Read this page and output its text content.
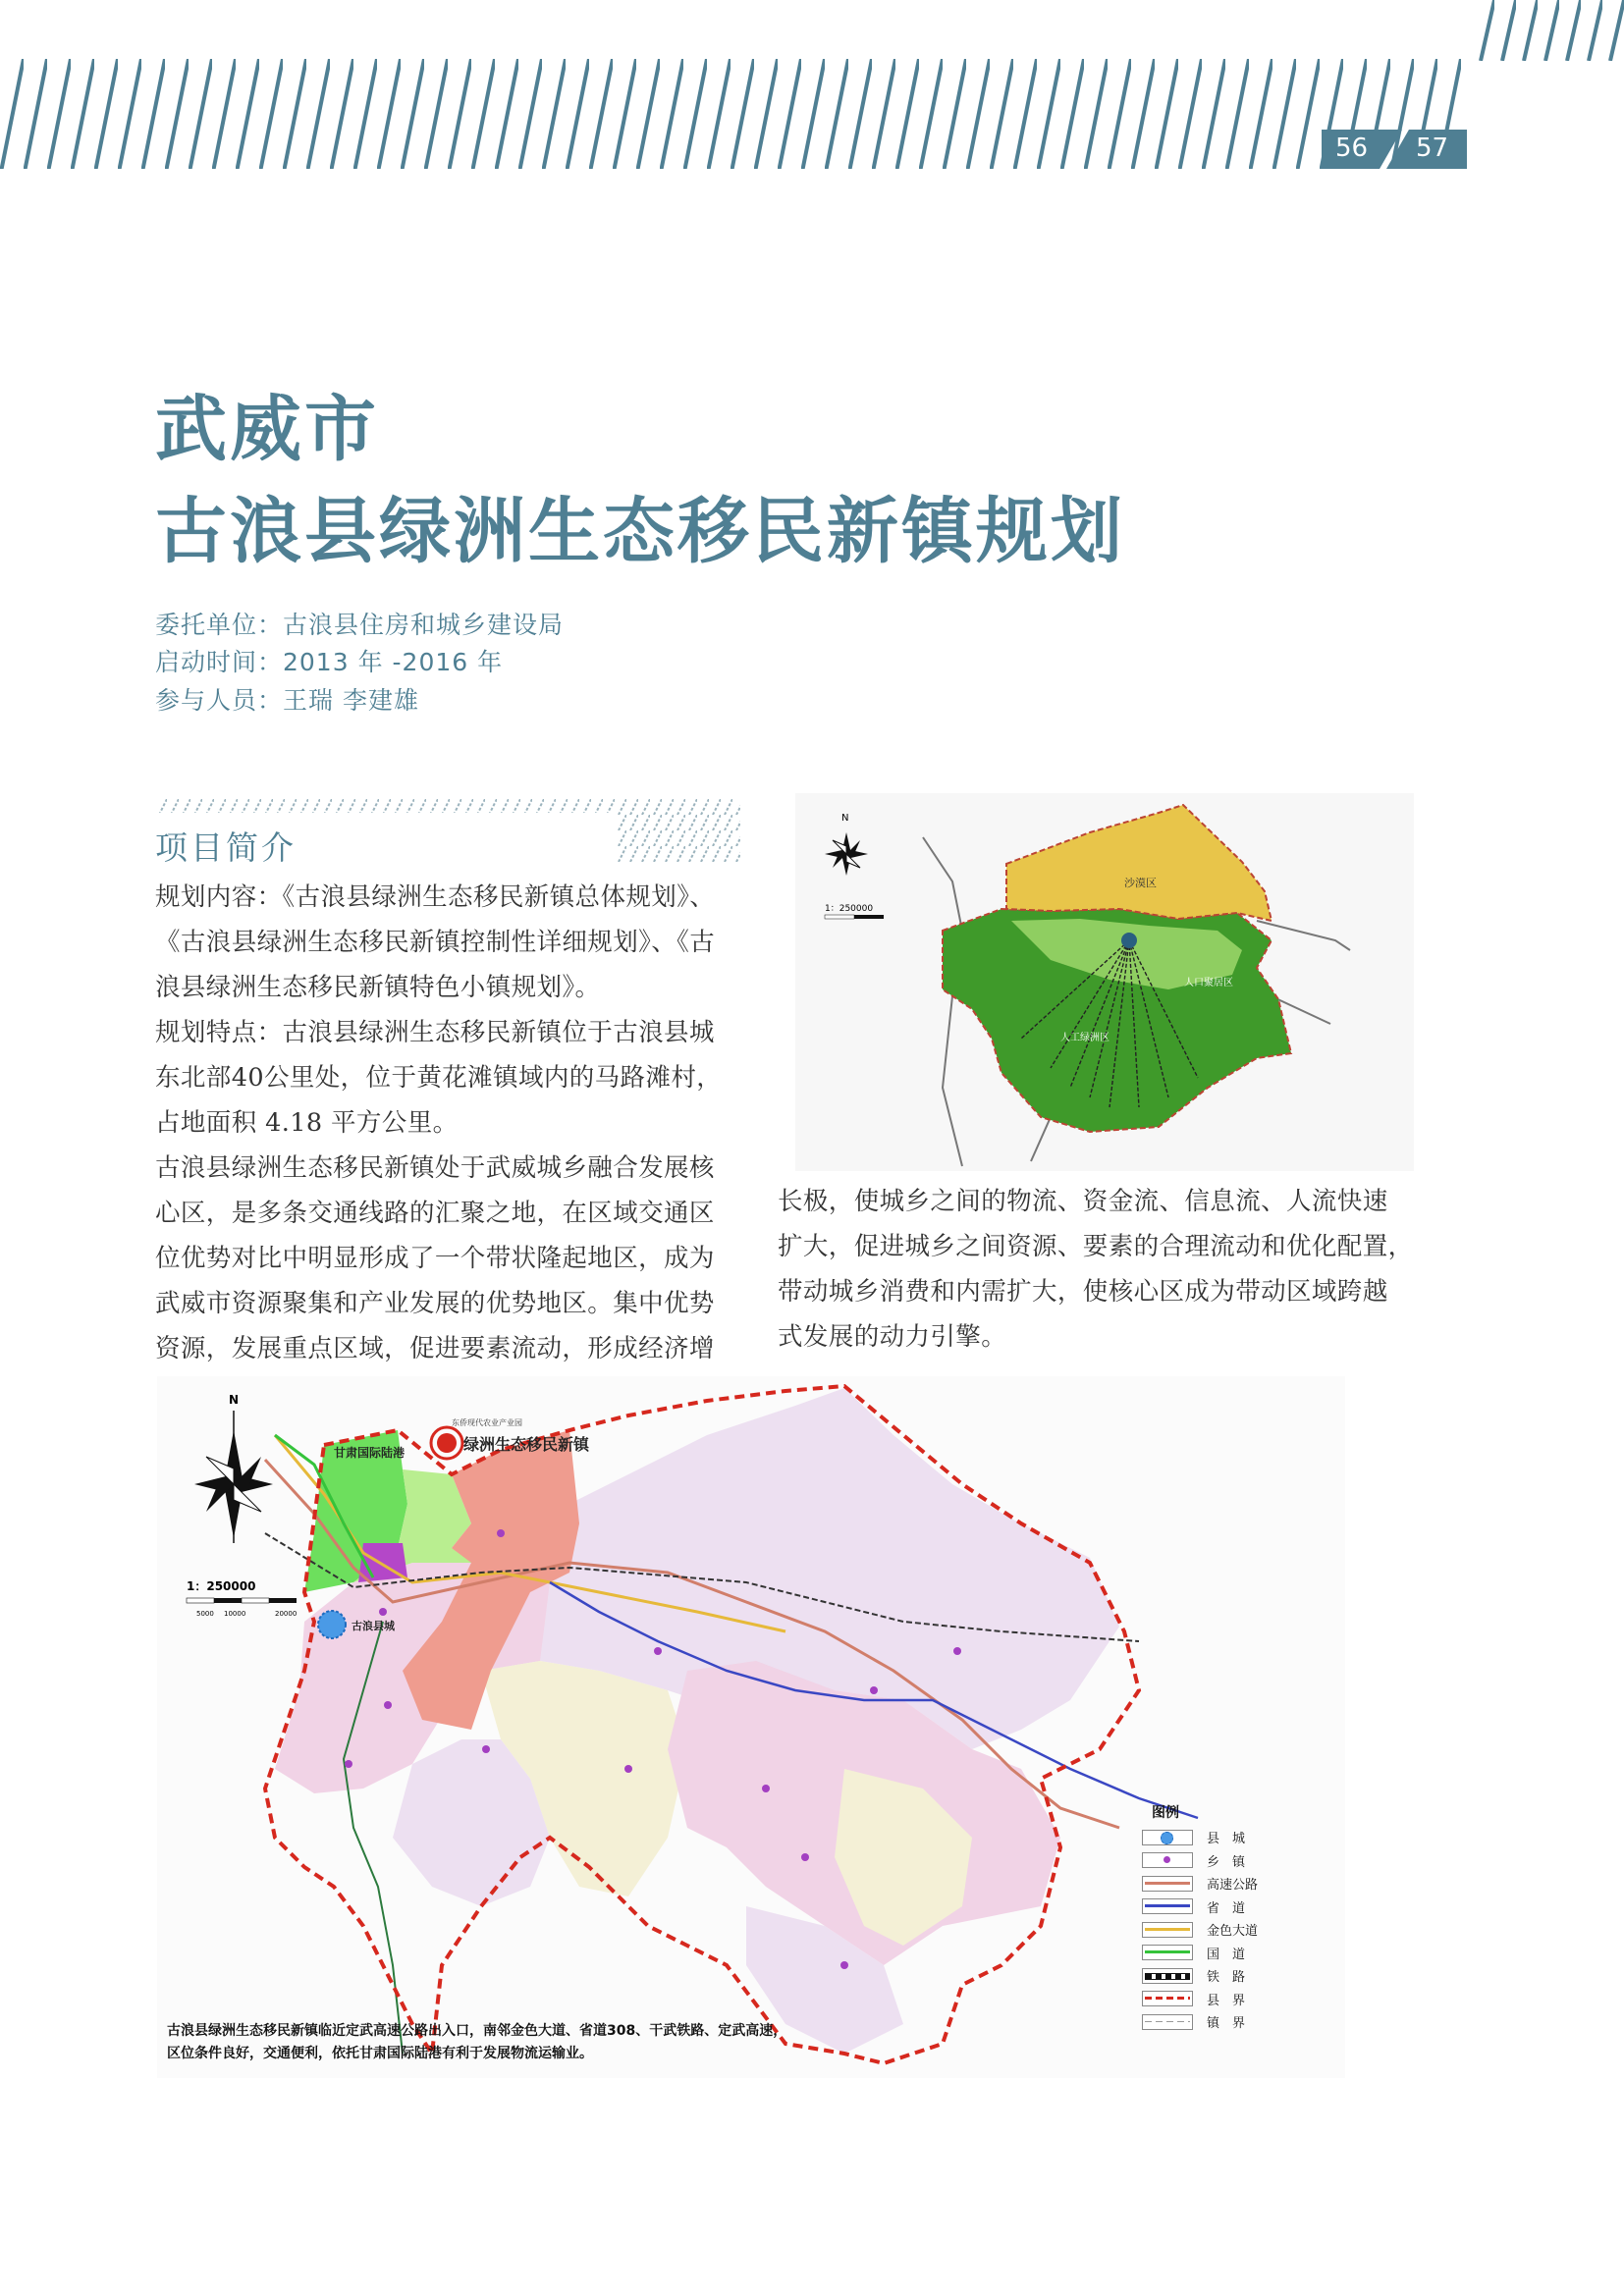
56 57
武威市
古浪县绿洲生态移民新镇规划
委托单位：古浪县住房和城乡建设局
启动时间：2013 年 -2016 年
参与人员：王瑞 李建雄
项目简介

规划内容：《古浪县绿洲生态移民新镇总体规划》、

《古浪县绿洲生态移民新镇控制性详细规划》、《古

浪县绿洲生态移民新镇特色小镇规划》。

规划特点：古浪县绿洲生态移民新镇位于古浪县城

东北部40公里处，位于黄花滩镇域内的马路滩村，

占地面积 4.18 平方公里。

古浪县绿洲生态移民新镇处于武威城乡融合发展核

心区，是多条交通线路的汇聚之地，在区域交通区

位优势对比中明显形成了一个带状隆起地区，成为

武威市资源聚集和产业发展的优势地区。集中优势

资源，发展重点区域，促进要素流动，形成经济增

长极，使城乡之间的物流、资金流、信息流、人流快速

扩大，促进城乡之间资源、要素的合理流动和优化配置，

带动城乡消费和内需扩大，使核心区成为带动区域跨越

式发展的动力引擎。

N
1：250000
沙漠区
人口聚居区
人工绿洲区
N
1：250000
5000 10000	20000
绿洲生态移民新镇
东侨现代农业产业园
甘肃国际陆港
古浪县城
图例
县　城
乡　镇
高速公路
省　道
金色大道
国　道
铁　路
县　界
镇　界
古浪县绿洲生态移民新镇临近定武高速公路出入口，南邻金色大道、省道308、干武铁路、定武高速，
区位条件良好，交通便利，依托甘肃国际陆港有利于发展物流运输业。
